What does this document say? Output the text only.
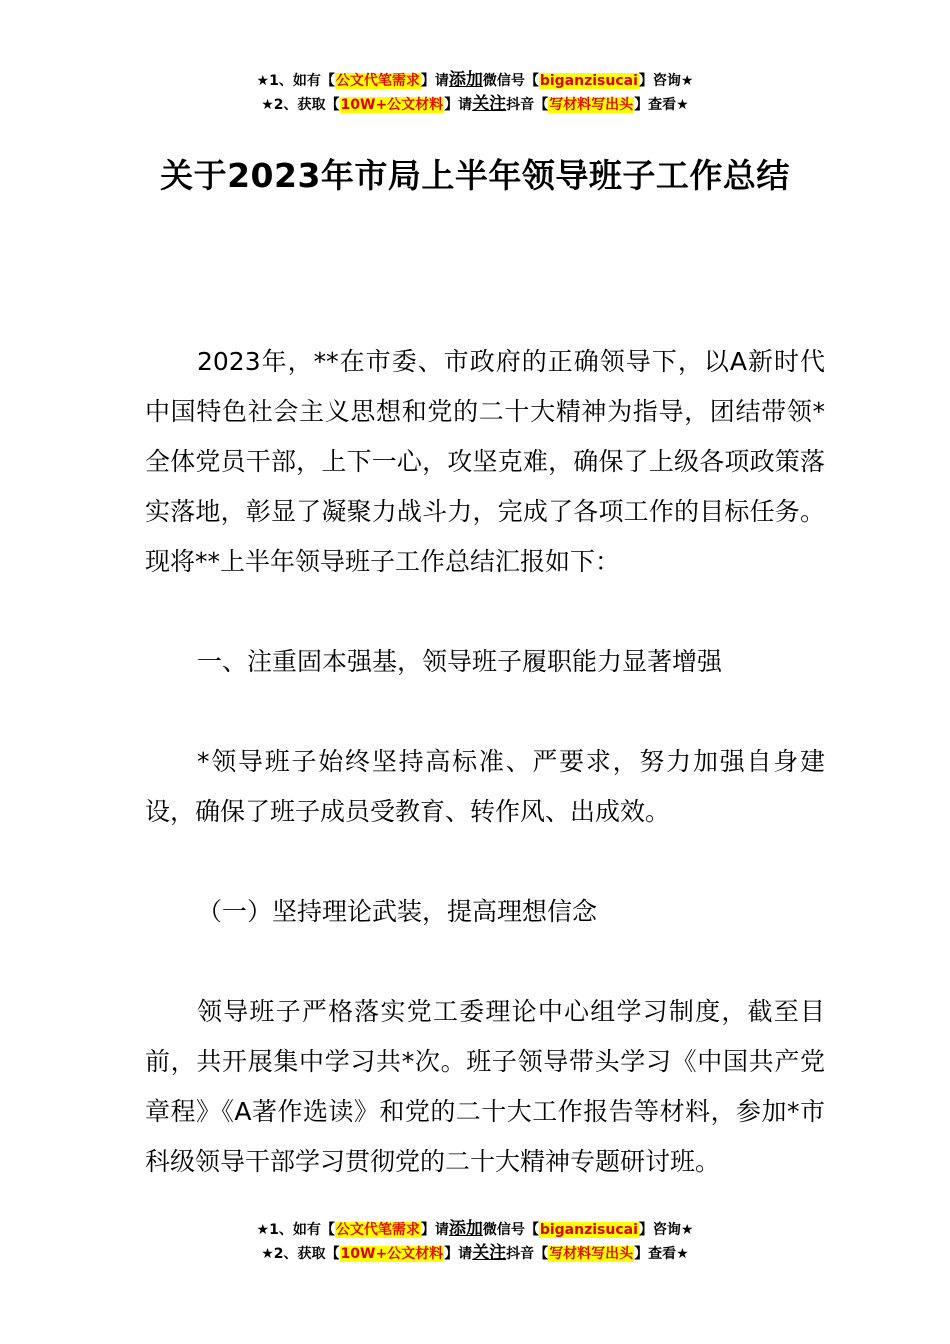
★1、如有【公文代笔需求】请添加微信号【biganzisucai】咨询★
★2、获取【10W+公文材料】请关注抖音【写材料写出头】查看★
关于2023年市局上半年领导班子工作总结
2023年，**在市委、市政府的正确领导下，以A新时代中国特色社会主义思想和党的二十大精神为指导，团结带领*全体党员干部，上下一心，攻坚克难，确保了上级各项政策落实落地，彰显了凝聚力战斗力，完成了各项工作的目标任务。现将**上半年领导班子工作总结汇报如下：
一、注重固本强基，领导班子履职能力显著增强
*领导班子始终坚持高标准、严要求，努力加强自身建设，确保了班子成员受教育、转作风、出成效。
（一）坚持理论武装，提高理想信念
领导班子严格落实党工委理论中心组学习制度，截至目前，共开展集中学习共*次。班子领导带头学习《中国共产党章程》《A著作选读》和党的二十大工作报告等材料，参加*市科级领导干部学习贯彻党的二十大精神专题研讨班。
★1、如有【公文代笔需求】请添加微信号【biganzisucai】咨询★
★2、获取【10W+公文材料】请关注抖音【写材料写出头】查看★
